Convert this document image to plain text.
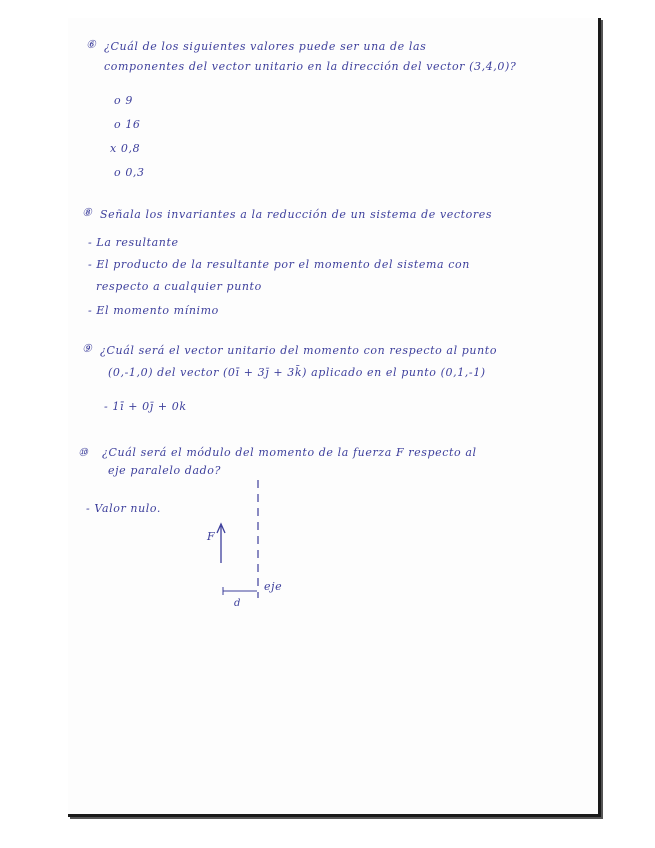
⑥ ¿Cuál de los siguientes valores puede ser una de las
componentes del vector unitario en la dirección del vector (3,4,0)?
o 9
o 16
x 0,8
o 0,3
⑧ Señala los invariantes a la reducción de un sistema de vectores
- La resultante
- El producto de la resultante por el momento del sistema con
respecto a cualquier punto
- El momento mínimo
⑨ ¿Cuál será el vector unitario del momento con respecto al punto
(0,-1,0) del vector (0ī + 3j̄ + 3k̄) aplicado en el punto (0,1,-1)
- 1ī + 0j̄ + 0k
⑩ ¿Cuál será el módulo del momento de la fuerza F respecto al
eje paralelo dado?
- Valor nulo.
F
eje
d
